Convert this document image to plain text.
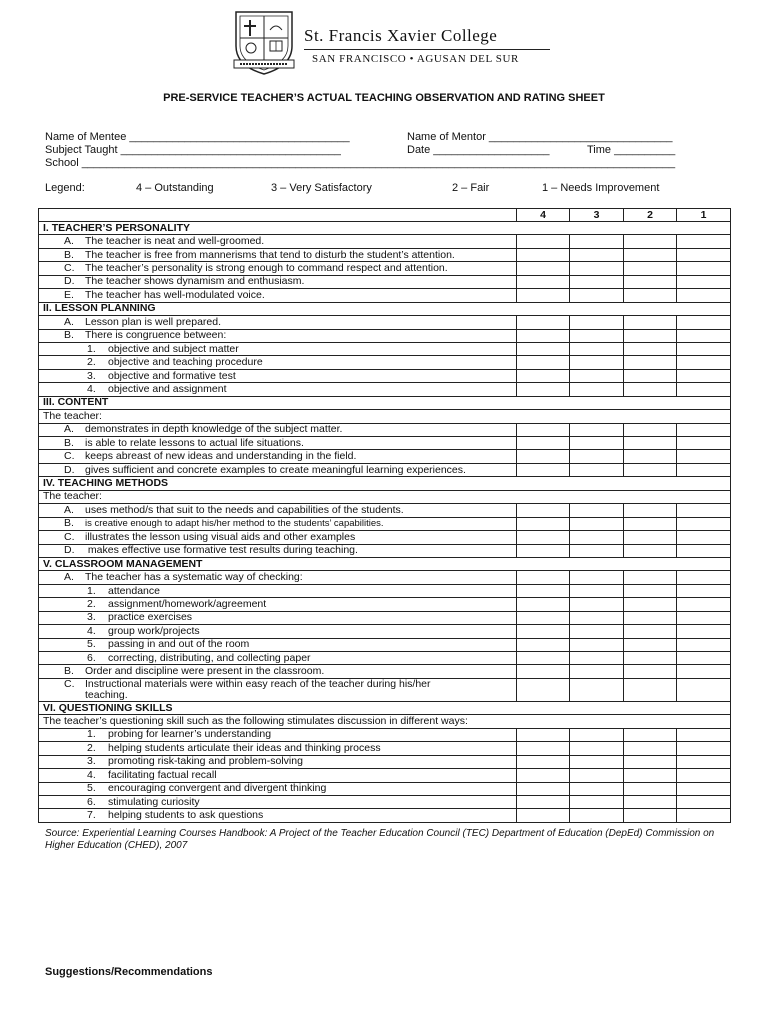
St. Francis Xavier College
SAN FRANCISCO • AGUSAN DEL SUR
PRE-SERVICE TEACHER’S ACTUAL TEACHING OBSERVATION AND RATING SHEET
Name of Mentee ____________________________________
Subject Taught ____________________________________
School _________________________________________________________________________________________________
Name of Mentor ______________________________
Date ___________________	Time __________
Legend:	4 – Outstanding	3 – Very Satisfactory	2 – Fair	1 – Needs Improvement
	4	3	2	1
I. TEACHER’S PERSONALITY				
A. The teacher is neat and well-groomed.				
B. The teacher is free from mannerisms that tend to disturb the student’s attention.				
C. The teacher’s personality is strong enough to command respect and attention.				
D. The teacher shows dynamism and enthusiasm.				
E. The teacher has well-modulated voice.				
II. LESSON PLANNING				
A. Lesson plan is well prepared.				
B. There is congruence between:				
1. objective and subject matter				
2. objective and teaching procedure				
3. objective and formative test				
4. objective and assignment				
III. CONTENT				
The teacher:				
A. demonstrates in depth knowledge of the subject matter.				
B. is able to relate lessons to actual life situations.				
C. keeps abreast of new ideas and understanding in the field.				
D. gives sufficient and concrete examples to create meaningful learning experiences.				
IV. TEACHING METHODS				
The teacher:				
A. uses method/s that suit to the needs and capabilities of the students.				
B. is creative enough to adapt his/her method to the students’ capabilities.				
C. illustrates the lesson using visual aids and other examples				
D. makes effective use formative test results during teaching.				
V. CLASSROOM MANAGEMENT				
A. The teacher has a systematic way of checking:				
1. attendance				
2. assignment/homework/agreement				
3. practice exercises				
4. group work/projects				
5. passing in and out of the room				
6. correcting, distributing, and collecting paper				
B. Order and discipline were present in the classroom.				
C. Instructional materials were within easy reach of the teacher during his/her
teaching.				
VI. QUESTIONING SKILLS				
The teacher’s questioning skill such as the following stimulates discussion in different ways:				
1. probing for learner’s understanding				
2. helping students articulate their ideas and thinking process				
3. promoting risk-taking and problem-solving				
4. facilitating factual recall				
5. encouraging convergent and divergent thinking				
6. stimulating curiosity				
7. helping students to ask questions				
Source: Experiential Learning Courses Handbook: A Project of the Teacher Education Council (TEC) Department of Education (DepEd) Commission on Higher Education (CHED), 2007
Suggestions/Recommendations
